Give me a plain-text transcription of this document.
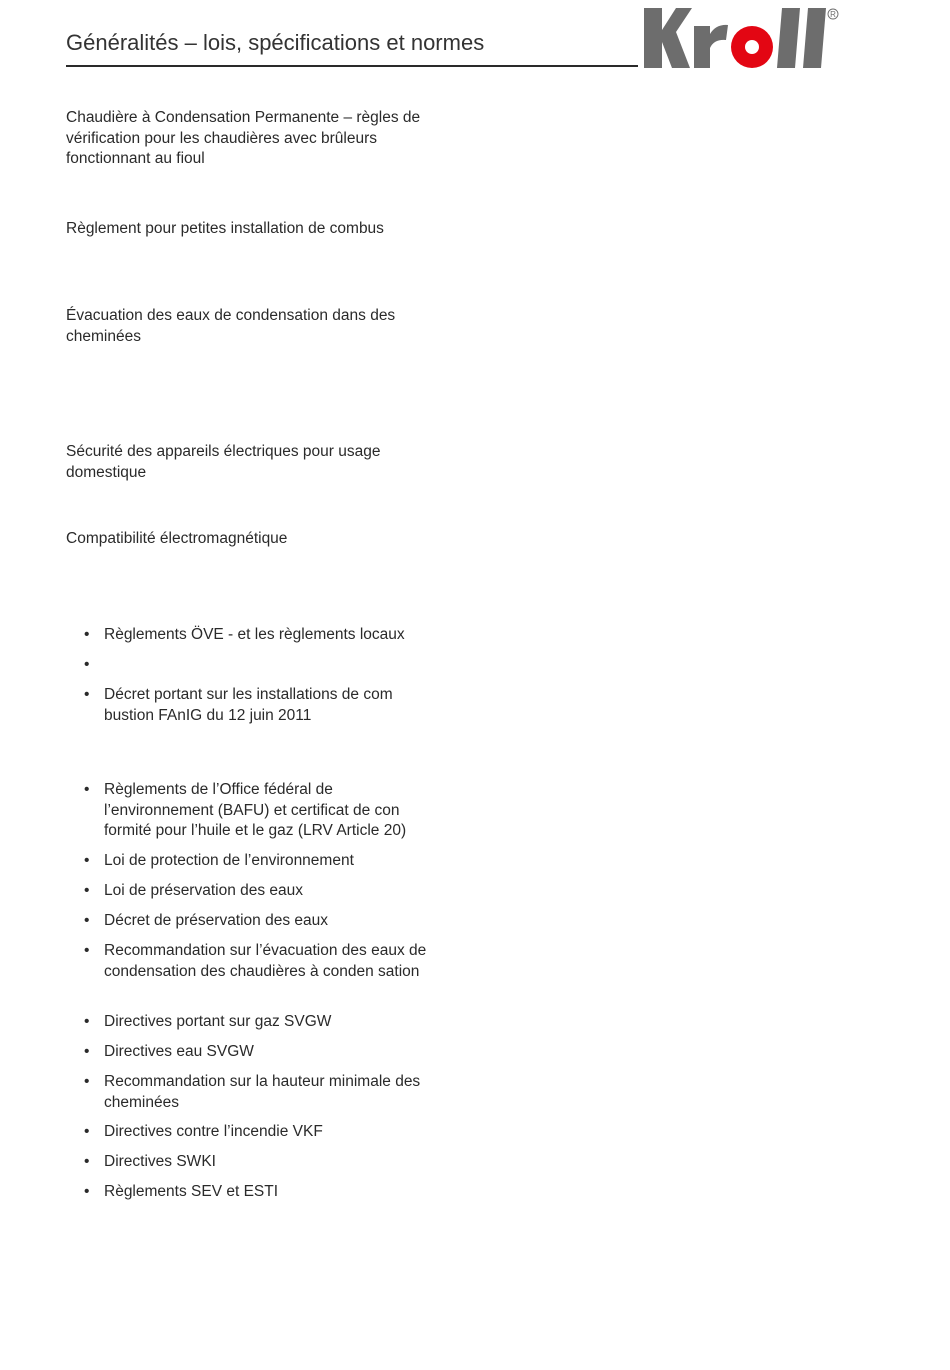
Généralités – lois, spécifications et normes
R
Chaudière à Condensation Permanente – règles de vérification pour les chaudières avec brûleurs fonctionnant au fioul
Règlement pour petites installation de combus
Évacuation des eaux de condensation dans des cheminées
Sécurité des appareils électriques pour usage domestique
Compatibilité électromagnétique
• Règlements ÖVE - et les règlements locaux
•
• Décret portant sur les installations de com bustion FAnIG du 12 juin 2011
• Règlements de l’Office fédéral de l’environnement (BAFU) et certificat de con formité pour l’huile et le gaz (LRV Article 20)
• Loi de protection de l’environnement
• Loi de préservation des eaux
• Décret de préservation des eaux
• Recommandation sur l’évacuation des eaux de condensation des chaudières à conden sation
• Directives portant sur gaz SVGW
• Directives eau SVGW
• Recommandation sur la hauteur minimale des cheminées
• Directives contre l’incendie VKF
• Directives SWKI
• Règlements SEV et ESTI
